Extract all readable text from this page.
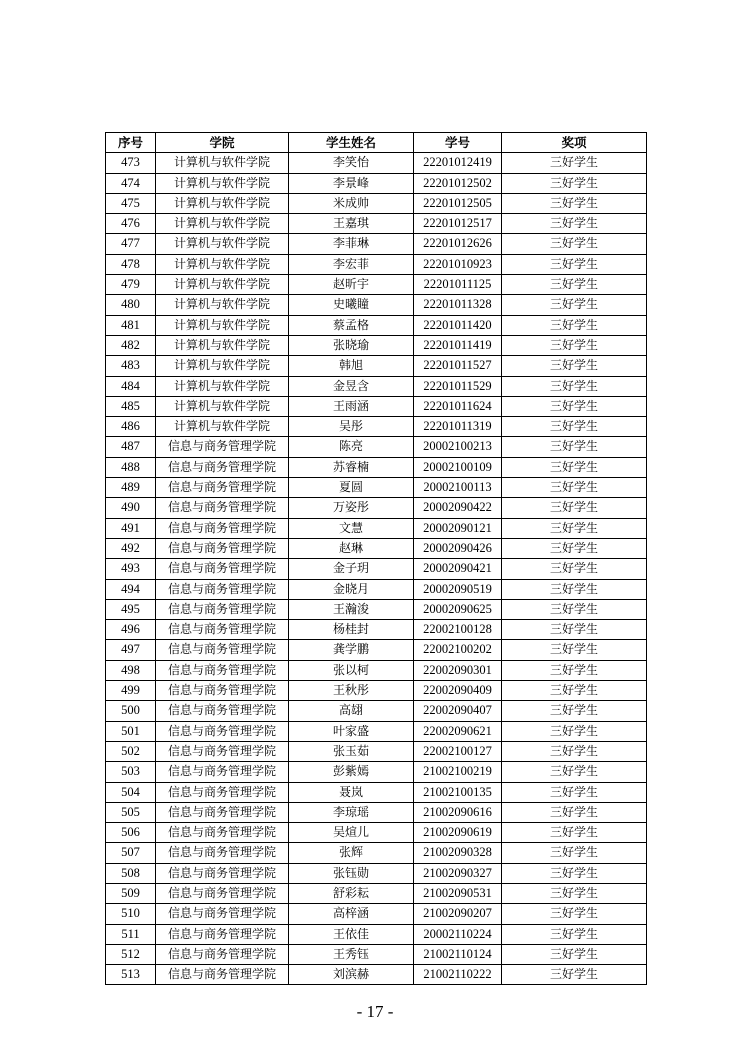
序号	学院	学生姓名	学号	奖项
473	计算机与软件学院	李笑怡	22201012419	三好学生
474	计算机与软件学院	李景峰	22201012502	三好学生
475	计算机与软件学院	米成帅	22201012505	三好学生
476	计算机与软件学院	王嘉琪	22201012517	三好学生
477	计算机与软件学院	李菲琳	22201012626	三好学生
478	计算机与软件学院	李宏菲	22201010923	三好学生
479	计算机与软件学院	赵昕宇	22201011125	三好学生
480	计算机与软件学院	史曦瞳	22201011328	三好学生
481	计算机与软件学院	蔡孟格	22201011420	三好学生
482	计算机与软件学院	张晓瑜	22201011419	三好学生
483	计算机与软件学院	韩旭	22201011527	三好学生
484	计算机与软件学院	金昱含	22201011529	三好学生
485	计算机与软件学院	王雨涵	22201011624	三好学生
486	计算机与软件学院	吴彤	22201011319	三好学生
487	信息与商务管理学院	陈亮	20002100213	三好学生
488	信息与商务管理学院	苏睿楠	20002100109	三好学生
489	信息与商务管理学院	夏圆	20002100113	三好学生
490	信息与商务管理学院	万姿彤	20002090422	三好学生
491	信息与商务管理学院	文慧	20002090121	三好学生
492	信息与商务管理学院	赵琳	20002090426	三好学生
493	信息与商务管理学院	金子玥	20002090421	三好学生
494	信息与商务管理学院	金晓月	20002090519	三好学生
495	信息与商务管理学院	王瀚浚	20002090625	三好学生
496	信息与商务管理学院	杨桂封	22002100128	三好学生
497	信息与商务管理学院	龚学鹏	22002100202	三好学生
498	信息与商务管理学院	张以柯	22002090301	三好学生
499	信息与商务管理学院	王秋彤	22002090409	三好学生
500	信息与商务管理学院	高翃	22002090407	三好学生
501	信息与商务管理学院	叶家盛	22002090621	三好学生
502	信息与商务管理学院	张玉茹	22002100127	三好学生
503	信息与商务管理学院	彭紫嫣	21002100219	三好学生
504	信息与商务管理学院	聂岚	21002100135	三好学生
505	信息与商务管理学院	李琼瑶	21002090616	三好学生
506	信息与商务管理学院	吴煊儿	21002090619	三好学生
507	信息与商务管理学院	张辉	21002090328	三好学生
508	信息与商务管理学院	张钰勋	21002090327	三好学生
509	信息与商务管理学院	舒彩耘	21002090531	三好学生
510	信息与商务管理学院	高梓涵	21002090207	三好学生
511	信息与商务管理学院	王依佳	20002110224	三好学生
512	信息与商务管理学院	王秀钰	21002110124	三好学生
513	信息与商务管理学院	刘滨赫	21002110222	三好学生
- 17 -
